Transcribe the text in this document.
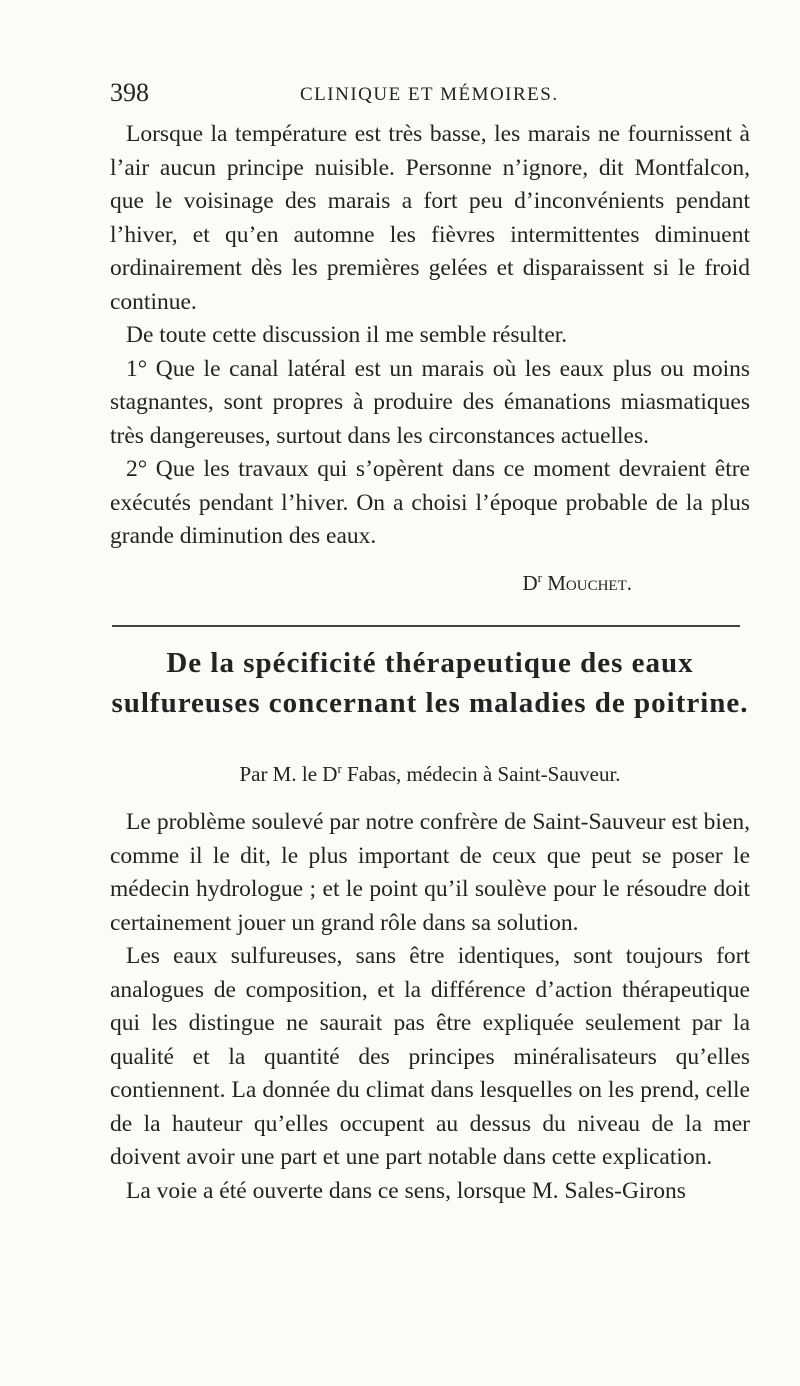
398	CLINIQUE ET MÉMOIRES.

Lorsque la température est très basse, les marais ne fournissent à l’air aucun principe nuisible. Personne n’ignore, dit Montfalcon, que le voisinage des marais a fort peu d’inconvénients pendant l’hiver, et qu’en automne les fièvres intermittentes diminuent ordinairement dès les premières gelées et disparaissent si le froid continue.

De toute cette discussion il me semble résulter.

1° Que le canal latéral est un marais où les eaux plus ou moins stagnantes, sont propres à produire des émanations miasmatiques très dangereuses, surtout dans les circonstances actuelles.

2° Que les travaux qui s’opèrent dans ce moment devraient être exécutés pendant l’hiver. On a choisi l’époque probable de la plus grande diminution des eaux.

$D^r$ Mouchet.
De la spécificité thérapeutique des eaux sulfureuses concernant les maladies de poitrine.
Par M. le $D^r$ Fabas, médecin à Saint-Sauveur.

Le problème soulevé par notre confrère de Saint-Sauveur est bien, comme il le dit, le plus important de ceux que peut se poser le médecin hydrologue ; et le point qu’il soulève pour le résoudre doit certainement jouer un grand rôle dans sa solution.

Les eaux sulfureuses, sans être identiques, sont toujours fort analogues de composition, et la différence d’action thérapeutique qui les distingue ne saurait pas être expliquée seulement par la qualité et la quantité des principes minéralisateurs qu’elles contiennent. La donnée du climat dans lesquelles on les prend, celle de la hauteur qu’elles occupent au dessus du niveau de la mer doivent avoir une part et une part notable dans cette explication.

La voie a été ouverte dans ce sens, lorsque M. Sales-Girons
